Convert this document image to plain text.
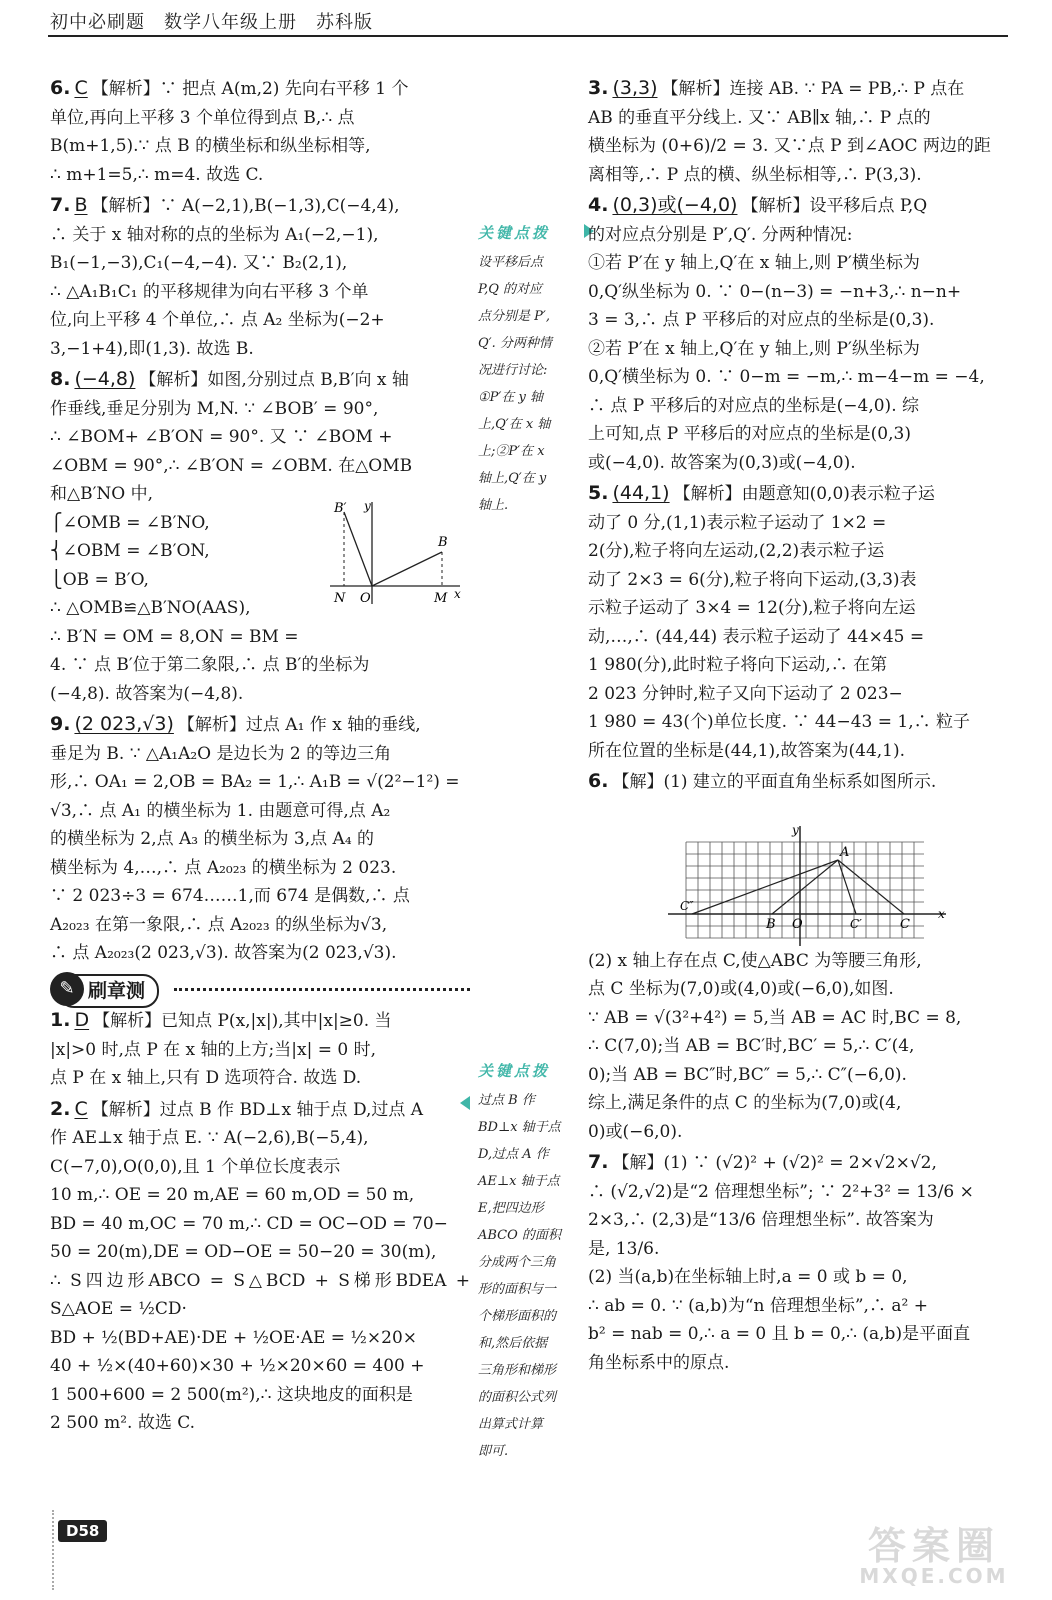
初中必刷题　数学八年级上册　苏科版
6. C 【解析】∵ 把点 A(m,2) 先向右平移 1 个
单位,再向上平移 3 个单位得到点 B,∴ 点
B(m+1,5).∵ 点 B 的横坐标和纵坐标相等,
∴ m+1=5,∴ m=4. 故选 C.
7. B 【解析】∵ A(−2,1),B(−1,3),C(−4,4),
∴ 关于 x 轴对称的点的坐标为 A₁(−2,−1),
B₁(−1,−3),C₁(−4,−4). 又∵ B₂(2,1),
∴ △A₁B₁C₁ 的平移规律为向右平移 3 个单
位,向上平移 4 个单位,∴ 点 A₂ 坐标为(−2+
3,−1+4),即(1,3). 故选 B.
8. (−4,8) 【解析】如图,分别过点 B,B′向 x 轴
作垂线,垂足分别为 M,N. ∵ ∠BOB′ = 90°,
∴ ∠BOM+ ∠B′ON = 90°. 又 ∵ ∠BOM +
∠OBM = 90°,∴ ∠B′ON = ∠OBM. 在△OMB
和△B′NO 中,
⎧∠OMB = ∠B′NO,
⎨∠OBM = ∠B′ON,
⎩OB = B′O,
∴ △OMB≌△B′NO(AAS),
∴ B′N = OM = 8,ON = BM =
4. ∵ 点 B′位于第二象限,∴ 点 B′的坐标为
(−4,8). 故答案为(−4,8).
9. (2 023,√3) 【解析】过点 A₁ 作 x 轴的垂线,
垂足为 B. ∵ △A₁A₂O 是边长为 2 的等边三角
形,∴ OA₁ = 2,OB = BA₂ = 1,∴ A₁B = √(2²−1²) =
√3,∴ 点 A₁ 的横坐标为 1. 由题意可得,点 A₂
的横坐标为 2,点 A₃ 的横坐标为 3,点 A₄ 的
横坐标为 4,…,∴ 点 A₂₀₂₃ 的横坐标为 2 023.
∵ 2 023÷3 = 674……1,而 674 是偶数,∴ 点
A₂₀₂₃ 在第一象限,∴ 点 A₂₀₂₃ 的纵坐标为√3,
∴ 点 A₂₀₂₃(2 023,√3). 故答案为(2 023,√3).
B′ y
B
N O	M x
刷章测
✎
1. D 【解析】已知点 P(x,|x|),其中|x|≥0. 当
|x|>0 时,点 P 在 x 轴的上方;当|x| = 0 时,
点 P 在 x 轴上,只有 D 选项符合. 故选 D.
2. C 【解析】过点 B 作 BD⊥x 轴于点 D,过点 A
作 AE⊥x 轴于点 E. ∵ A(−2,6),B(−5,4),
C(−7,0),O(0,0),且 1 个单位长度表示
10 m,∴ OE = 20 m,AE = 60 m,OD = 50 m,
BD = 40 m,OC = 70 m,∴ CD = OC−OD = 70−
50 = 20(m),DE = OD−OE = 50−20 = 30(m),
∴ S四边形ABCO = S△BCD + S梯形BDEA + S△AOE = ½CD·
BD + ½(BD+AE)·DE + ½OE·AE = ½×20×
40 + ½×(40+60)×30 + ½×20×60 = 400 +
1 500+600 = 2 500(m²),∴ 这块地皮的面积是
2 500 m². 故选 C.
关键点拨
设平移后点
P,Q 的对应
点分别是 P′,
Q′. 分两种情
况进行讨论:
①P′在 y 轴
上,Q′在 x 轴
上;②P′在 x
轴上,Q′在 y
轴上.
关键点拨
过点 B 作
BD⊥x 轴于点
D,过点 A 作
AE⊥x 轴于点
E,把四边形
ABCO 的面积
分成两个三角
形的面积与一
个梯形面积的
和,然后依据
三角形和梯形
的面积公式列
出算式计算
即可.
3. (3,3) 【解析】连接 AB. ∵ PA = PB,∴ P 点在
AB 的垂直平分线上. 又∵ AB∥x 轴,∴ P 点的
横坐标为 (0+6)/2 = 3. 又∵点 P 到∠AOC 两边的距
离相等,∴ P 点的横、纵坐标相等,∴ P(3,3).
4. (0,3)或(−4,0) 【解析】设平移后点 P,Q
的对应点分别是 P′,Q′. 分两种情况:
①若 P′在 y 轴上,Q′在 x 轴上,则 P′横坐标为
0,Q′纵坐标为 0. ∵ 0−(n−3) = −n+3,∴ n−n+
3 = 3,∴ 点 P 平移后的对应点的坐标是(0,3).
②若 P′在 x 轴上,Q′在 y 轴上,则 P′纵坐标为
0,Q′横坐标为 0. ∵ 0−m = −m,∴ m−4−m = −4,
∴ 点 P 平移后的对应点的坐标是(−4,0). 综
上可知,点 P 平移后的对应点的坐标是(0,3)
或(−4,0). 故答案为(0,3)或(−4,0).
5. (44,1) 【解析】由题意知(0,0)表示粒子运
动了 0 分,(1,1)表示粒子运动了 1×2 =
2(分),粒子将向左运动,(2,2)表示粒子运
动了 2×3 = 6(分),粒子将向下运动,(3,3)表
示粒子运动了 3×4 = 12(分),粒子将向左运
动,…,∴ (44,44) 表示粒子运动了 44×45 =
1 980(分),此时粒子将向下运动,∴ 在第
2 023 分钟时,粒子又向下运动了 2 023−
1 980 = 43(个)单位长度. ∵ 44−43 = 1,∴ 粒子
所在位置的坐标是(44,1),故答案为(44,1).
6. 【解】(1) 建立的平面直角坐标系如图所示.
(2) x 轴上存在点 C,使△ABC 为等腰三角形,
点 C 坐标为(7,0)或(4,0)或(−6,0),如图.
∵ AB = √(3²+4²) = 5,当 AB = AC 时,BC = 8,
∴ C(7,0);当 AB = BC′时,BC′ = 5,∴ C′(4,
0);当 AB = BC″时,BC″ = 5,∴ C″(−6,0).
综上,满足条件的点 C 的坐标为(7,0)或(4,
0)或(−6,0).
7. 【解】(1) ∵ (√2)² + (√2)² = 2×√2×√2,
∴ (√2,√2)是“2 倍理想坐标”; ∵ 2²+3² = 13/6 ×
2×3,∴ (2,3)是“13/6 倍理想坐标”. 故答案为
是, 13/6.
(2) 当(a,b)在坐标轴上时,a = 0 或 b = 0,
∴ ab = 0. ∵ (a,b)为“n 倍理想坐标”,∴ a² +
b² = nab = 0,∴ a = 0 且 b = 0,∴ (a,b)是平面直
角坐标系中的原点.
y
A
C″
B O	C′	C
x
D58	答案圈
MXQE.COM
